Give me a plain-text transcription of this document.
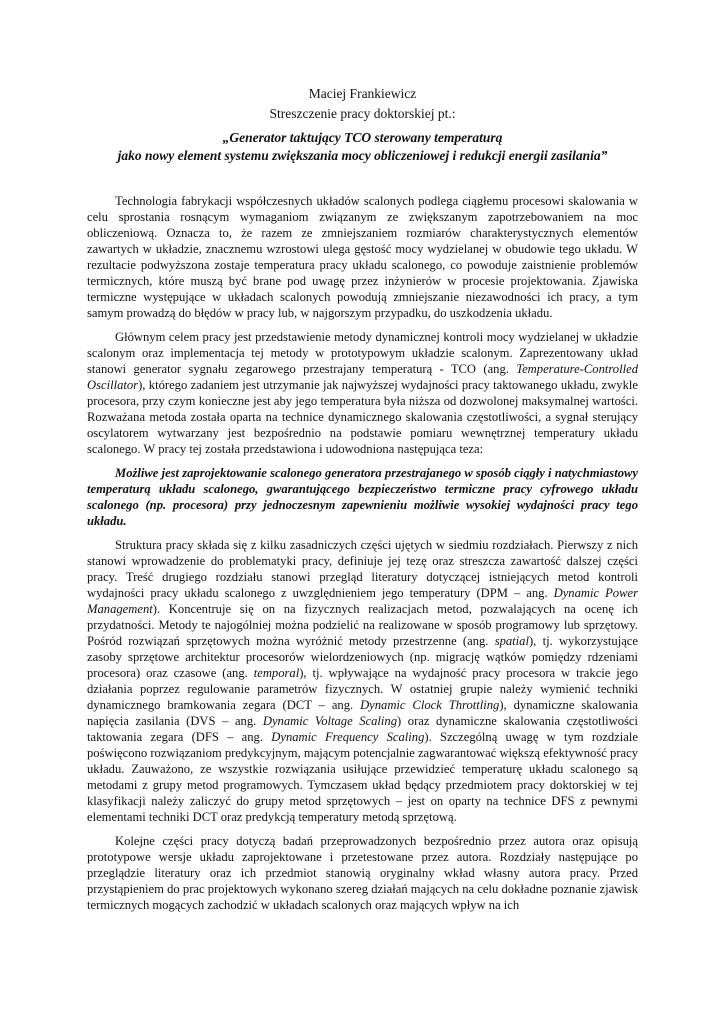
Maciej Frankiewicz

Streszczenie pracy doktorskiej pt.:

„Generator taktujący TCO sterowany temperaturą

jako nowy element systemu zwiększania mocy obliczeniowej i redukcji energii zasilania”

Technologia fabrykacji współczesnych układów scalonych podlega ciągłemu procesowi skalowania w celu sprostania rosnącym wymaganiom związanym ze zwiększanym zapotrzebowaniem na moc obliczeniową. Oznacza to, że razem ze zmniejszaniem rozmiarów charakterystycznych elementów zawartych w układzie, znacznemu wzrostowi ulega gęstość mocy wydzielanej w obudowie tego układu. W rezultacie podwyższona zostaje temperatura pracy układu scalonego, co powoduje zaistnienie problemów termicznych, które muszą być brane pod uwagę przez inżynierów w procesie projektowania. Zjawiska termiczne występujące w układach scalonych powodują zmniejszanie niezawodności ich pracy, a tym samym prowadzą do błędów w pracy lub, w najgorszym przypadku, do uszkodzenia układu.

Głównym celem pracy jest przedstawienie metody dynamicznej kontroli mocy wydzielanej w układzie scalonym oraz implementacja tej metody w prototypowym układzie scalonym. Zaprezentowany układ stanowi generator sygnału zegarowego przestrajany temperaturą - TCO (ang. Temperature-Controlled Oscillator), którego zadaniem jest utrzymanie jak najwyższej wydajności pracy taktowanego układu, zwykle procesora, przy czym konieczne jest aby jego temperatura była niższa od dozwolonej maksymalnej wartości. Rozważana metoda została oparta na technice dynamicznego skalowania częstotliwości, a sygnał sterujący oscylatorem wytwarzany jest bezpośrednio na podstawie pomiaru wewnętrznej temperatury układu scalonego. W pracy tej została przedstawiona i udowodniona następująca teza:

Możliwe jest zaprojektowanie scalonego generatora przestrajanego w sposób ciągły i natychmiastowy temperaturą układu scalonego, gwarantującego bezpieczeństwo termiczne pracy cyfrowego układu scalonego (np. procesora) przy jednoczesnym zapewnieniu możliwie wysokiej wydajności pracy tego układu.

Struktura pracy składa się z kilku zasadniczych części ujętych w siedmiu rozdziałach. Pierwszy z nich stanowi wprowadzenie do problematyki pracy, definiuje jej tezę oraz streszcza zawartość dalszej części pracy. Treść drugiego rozdziału stanowi przegląd literatury dotyczącej istniejących metod kontroli wydajności pracy układu scalonego z uwzględnieniem jego temperatury (DPM – ang. Dynamic Power Management). Koncentruje się on na fizycznych realizacjach metod, pozwalających na ocenę ich przydatności. Metody te najogólniej można podzielić na realizowane w sposób programowy lub sprzętowy. Pośród rozwiązań sprzętowych można wyróżnić metody przestrzenne (ang. spatial), tj. wykorzystujące zasoby sprzętowe architektur procesorów wielordzeniowych (np. migrację wątków pomiędzy rdzeniami procesora) oraz czasowe (ang. temporal), tj. wpływające na wydajność pracy procesora w trakcie jego działania poprzez regulowanie parametrów fizycznych. W ostatniej grupie należy wymienić techniki dynamicznego bramkowania zegara (DCT – ang. Dynamic Clock Throttling), dynamiczne skalowania napięcia zasilania (DVS – ang. Dynamic Voltage Scaling) oraz dynamiczne skalowania częstotliwości taktowania zegara (DFS – ang. Dynamic Frequency Scaling). Szczególną uwagę w tym rozdziale poświęcono rozwiązaniom predykcyjnym, mającym potencjalnie zagwarantować większą efektywność pracy układu. Zauważono, ze wszystkie rozwiązania usiłujące przewidzieć temperaturę układu scalonego są metodami z grupy metod programowych. Tymczasem układ będący przedmiotem pracy doktorskiej w tej klasyfikacji należy zaliczyć do grupy metod sprzętowych – jest on oparty na technice DFS z pewnymi elementami techniki DCT oraz predykcją temperatury metodą sprzętową.

Kolejne części pracy dotyczą badań przeprowadzonych bezpośrednio przez autora oraz opisują prototypowe wersje układu zaprojektowane i przetestowane przez autora. Rozdziały następujące po przeglądzie literatury oraz ich przedmiot stanowią oryginalny wkład własny autora pracy. Przed przystąpieniem do prac projektowych wykonano szereg działań mających na celu dokładne poznanie zjawisk termicznych mogących zachodzić w układach scalonych oraz mających wpływ na ich
